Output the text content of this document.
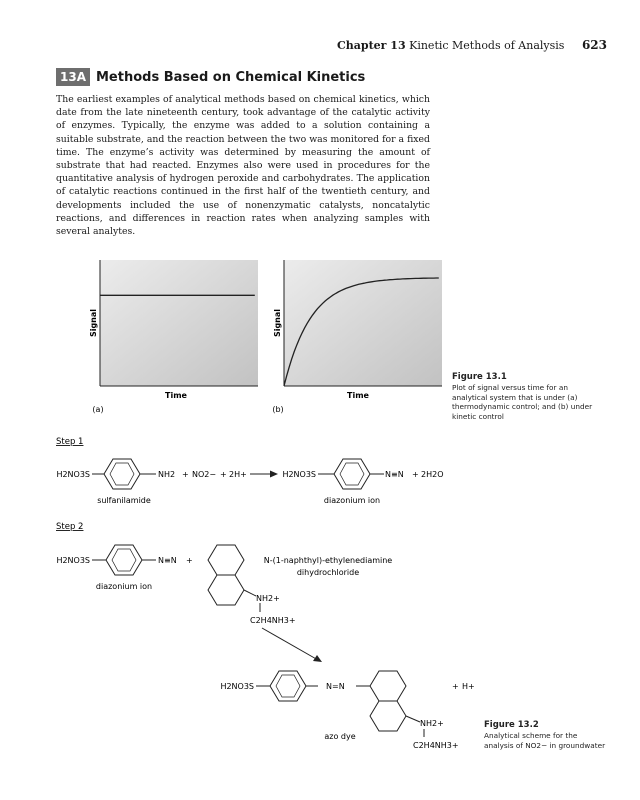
Chapter 13 Kinetic Methods of Analysis 623
13A Methods Based on Chemical Kinetics

The earliest examples of analytical methods based on chemical kinetics, which date from the late nineteenth century, took advantage of the catalytic activity of enzymes. Typically, the enzyme was added to a solution containing a suitable substrate, and the reaction between the two was monitored for a fixed time. The enzyme’s activity was determined by measuring the amount of substrate that had reacted. Enzymes also were used in procedures for the quantitative analysis of hydrogen peroxide and carbohydrates. The application of catalytic reactions continued in the first half of the twentieth century, and developments included the use of nonenzymatic catalysts, noncatalytic reactions, and differences in reaction rates when analyzing samples with several analytes.

Time
Signal
(a)
Time
Signal
(b)
Figure 13.1
Plot of signal versus time for an analytical system that is under (a) thermodynamic control; and (b) under kinetic control
Step 1
Step 2
H2NO3S	NH2 + NO2− + 2H+	H2NO3S	N≡N + 2H2O
sulfanilamide	diazonium ion
H2NO3S	N≡N +
diazonium ion
N-(1-naphthyl)-ethylenediamine
dihydrochloride
NH2+
C2H4NH3+
H2NO3S	N=N	+ H+
NH2+
C2H4NH3+
azo dye
Figure 13.2
Analytical scheme for the analysis of NO2− in groundwater
